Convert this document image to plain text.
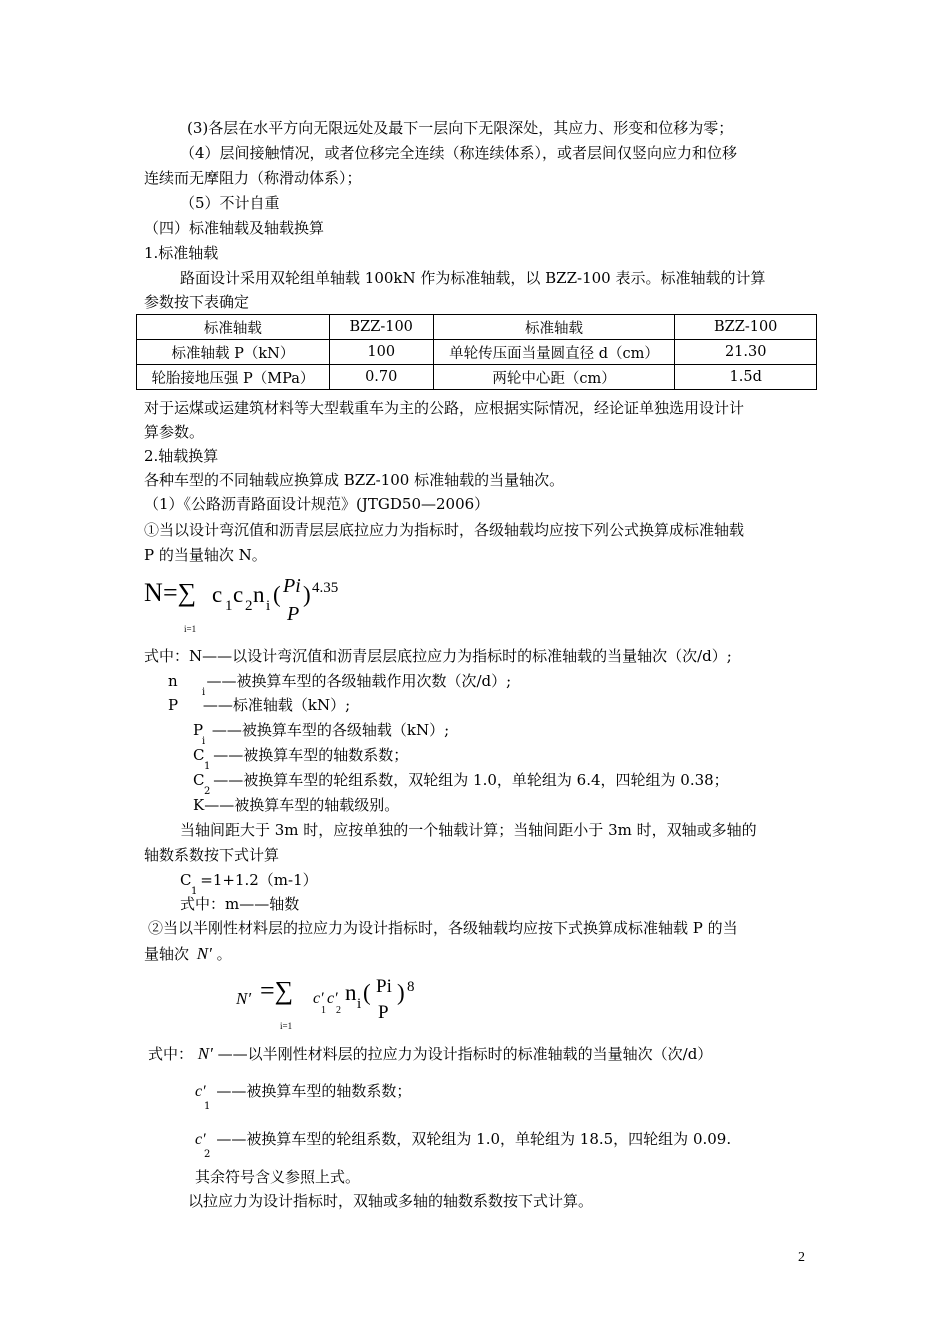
(3)各层在水平方向无限远处及最下一层向下无限深处，其应力、形变和位移为零；
（4）层间接触情况，或者位移完全连续（称连续体系），或者层间仅竖向应力和位移
连续而无摩阻力（称滑动体系）；
（5）不计自重
（四）标准轴载及轴载换算
1.标准轴载
路面设计采用双轮组单轴载 100kN 作为标准轴载，以 BZZ-100 表示。标准轴载的计算
参数按下表确定
标准轴载	BZZ-100	标准轴载	BZZ-100
标准轴载 P（kN）	100	单轮传压面当量圆直径 d（cm）	21.30
轮胎接地压强 P（MPa）	0.70	两轮中心距（cm）	1.5d
对于运煤或运建筑材料等大型载重车为主的公路，应根据实际情况，经论证单独选用设计计
算参数。
2.轴载换算
各种车型的不同轴载应换算成 BZZ-100 标准轴载的当量轴次。
（1）《公路沥青路面设计规范》(JTGD50—2006）
①当以设计弯沉值和沥青层层底拉应力为指标时，各级轴载均应按下列公式换算成标准轴载
P 的当量轴次 N。
N =∑
i=1
c 1 c 2 n i ( Pi
P
) 4.35
式中：N——以设计弯沉值和沥青层层底拉应力为指标时的标准轴载的当量轴次（次/d）;
n
i
——被换算车型的各级轴载作用次数（次/d）;
P ——标准轴载（kN）;
P
i
——被换算车型的各级轴载（kN）;
C
1
——被换算车型的轴数系数；
C
2
——被换算车型的轮组系数，双轮组为 1.0，单轮组为 6.4，四轮组为 0.38；
K——被换算车型的轴载级别。
当轴间距大于 3m 时，应按单独的一个轴载计算；当轴间距小于 3m 时，双轴或多轴的
轴数系数按下式计算
C
1
=1+1.2（m-1）
式中：m——轴数
②当以半刚性材料层的拉应力为设计指标时，各级轴载均应按下式换算成标准轴载 P 的当
量轴次 N′ 。
N′ =∑
i=1
c′
1
c′
2
n i ( Pi
P
) 8
式中： N′ ——以半刚性材料层的拉应力为设计指标时的标准轴载的当量轴次（次/d）
c′
1
——被换算车型的轴数系数；
c′
2
——被换算车型的轮组系数，双轮组为 1.0，单轮组为 18.5，四轮组为 0.09.
其余符号含义参照上式。
以拉应力为设计指标时，双轴或多轴的轴数系数按下式计算。
2
